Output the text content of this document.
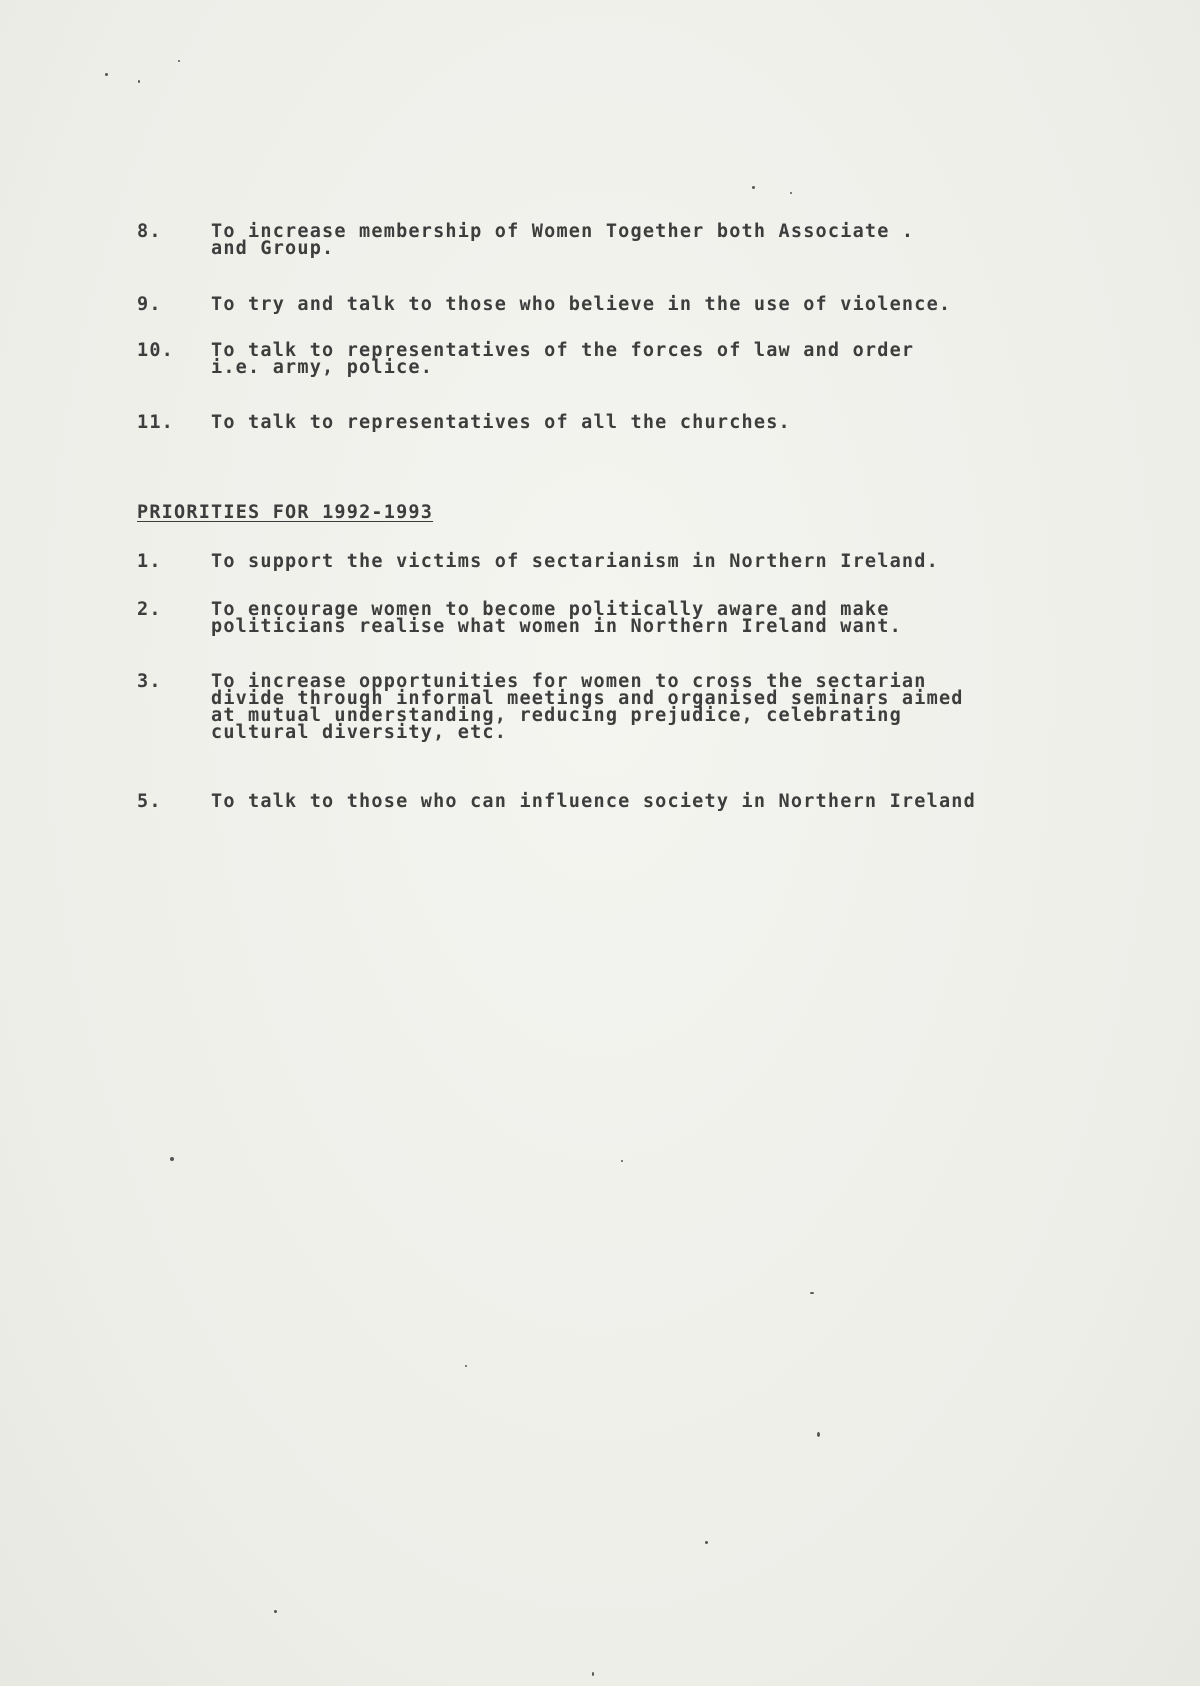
8.	To increase membership of Women Together both Associate .
and Group.
9.	To try and talk to those who believe in the use of violence.
10.	To talk to representatives of the forces of law and order
i.e. army, police.
11.	To talk to representatives of all the churches.
PRIORITIES FOR 1992-1993
1.	To support the victims of sectarianism in Northern Ireland.
2.	To encourage women to become politically aware and make
politicians realise what women in Northern Ireland want.
3.	To increase opportunities for women to cross the sectarian
divide through informal meetings and organised seminars aimed
at mutual understanding, reducing prejudice, celebrating
cultural diversity, etc.
5.	To talk to those who can influence society in Northern Ireland
